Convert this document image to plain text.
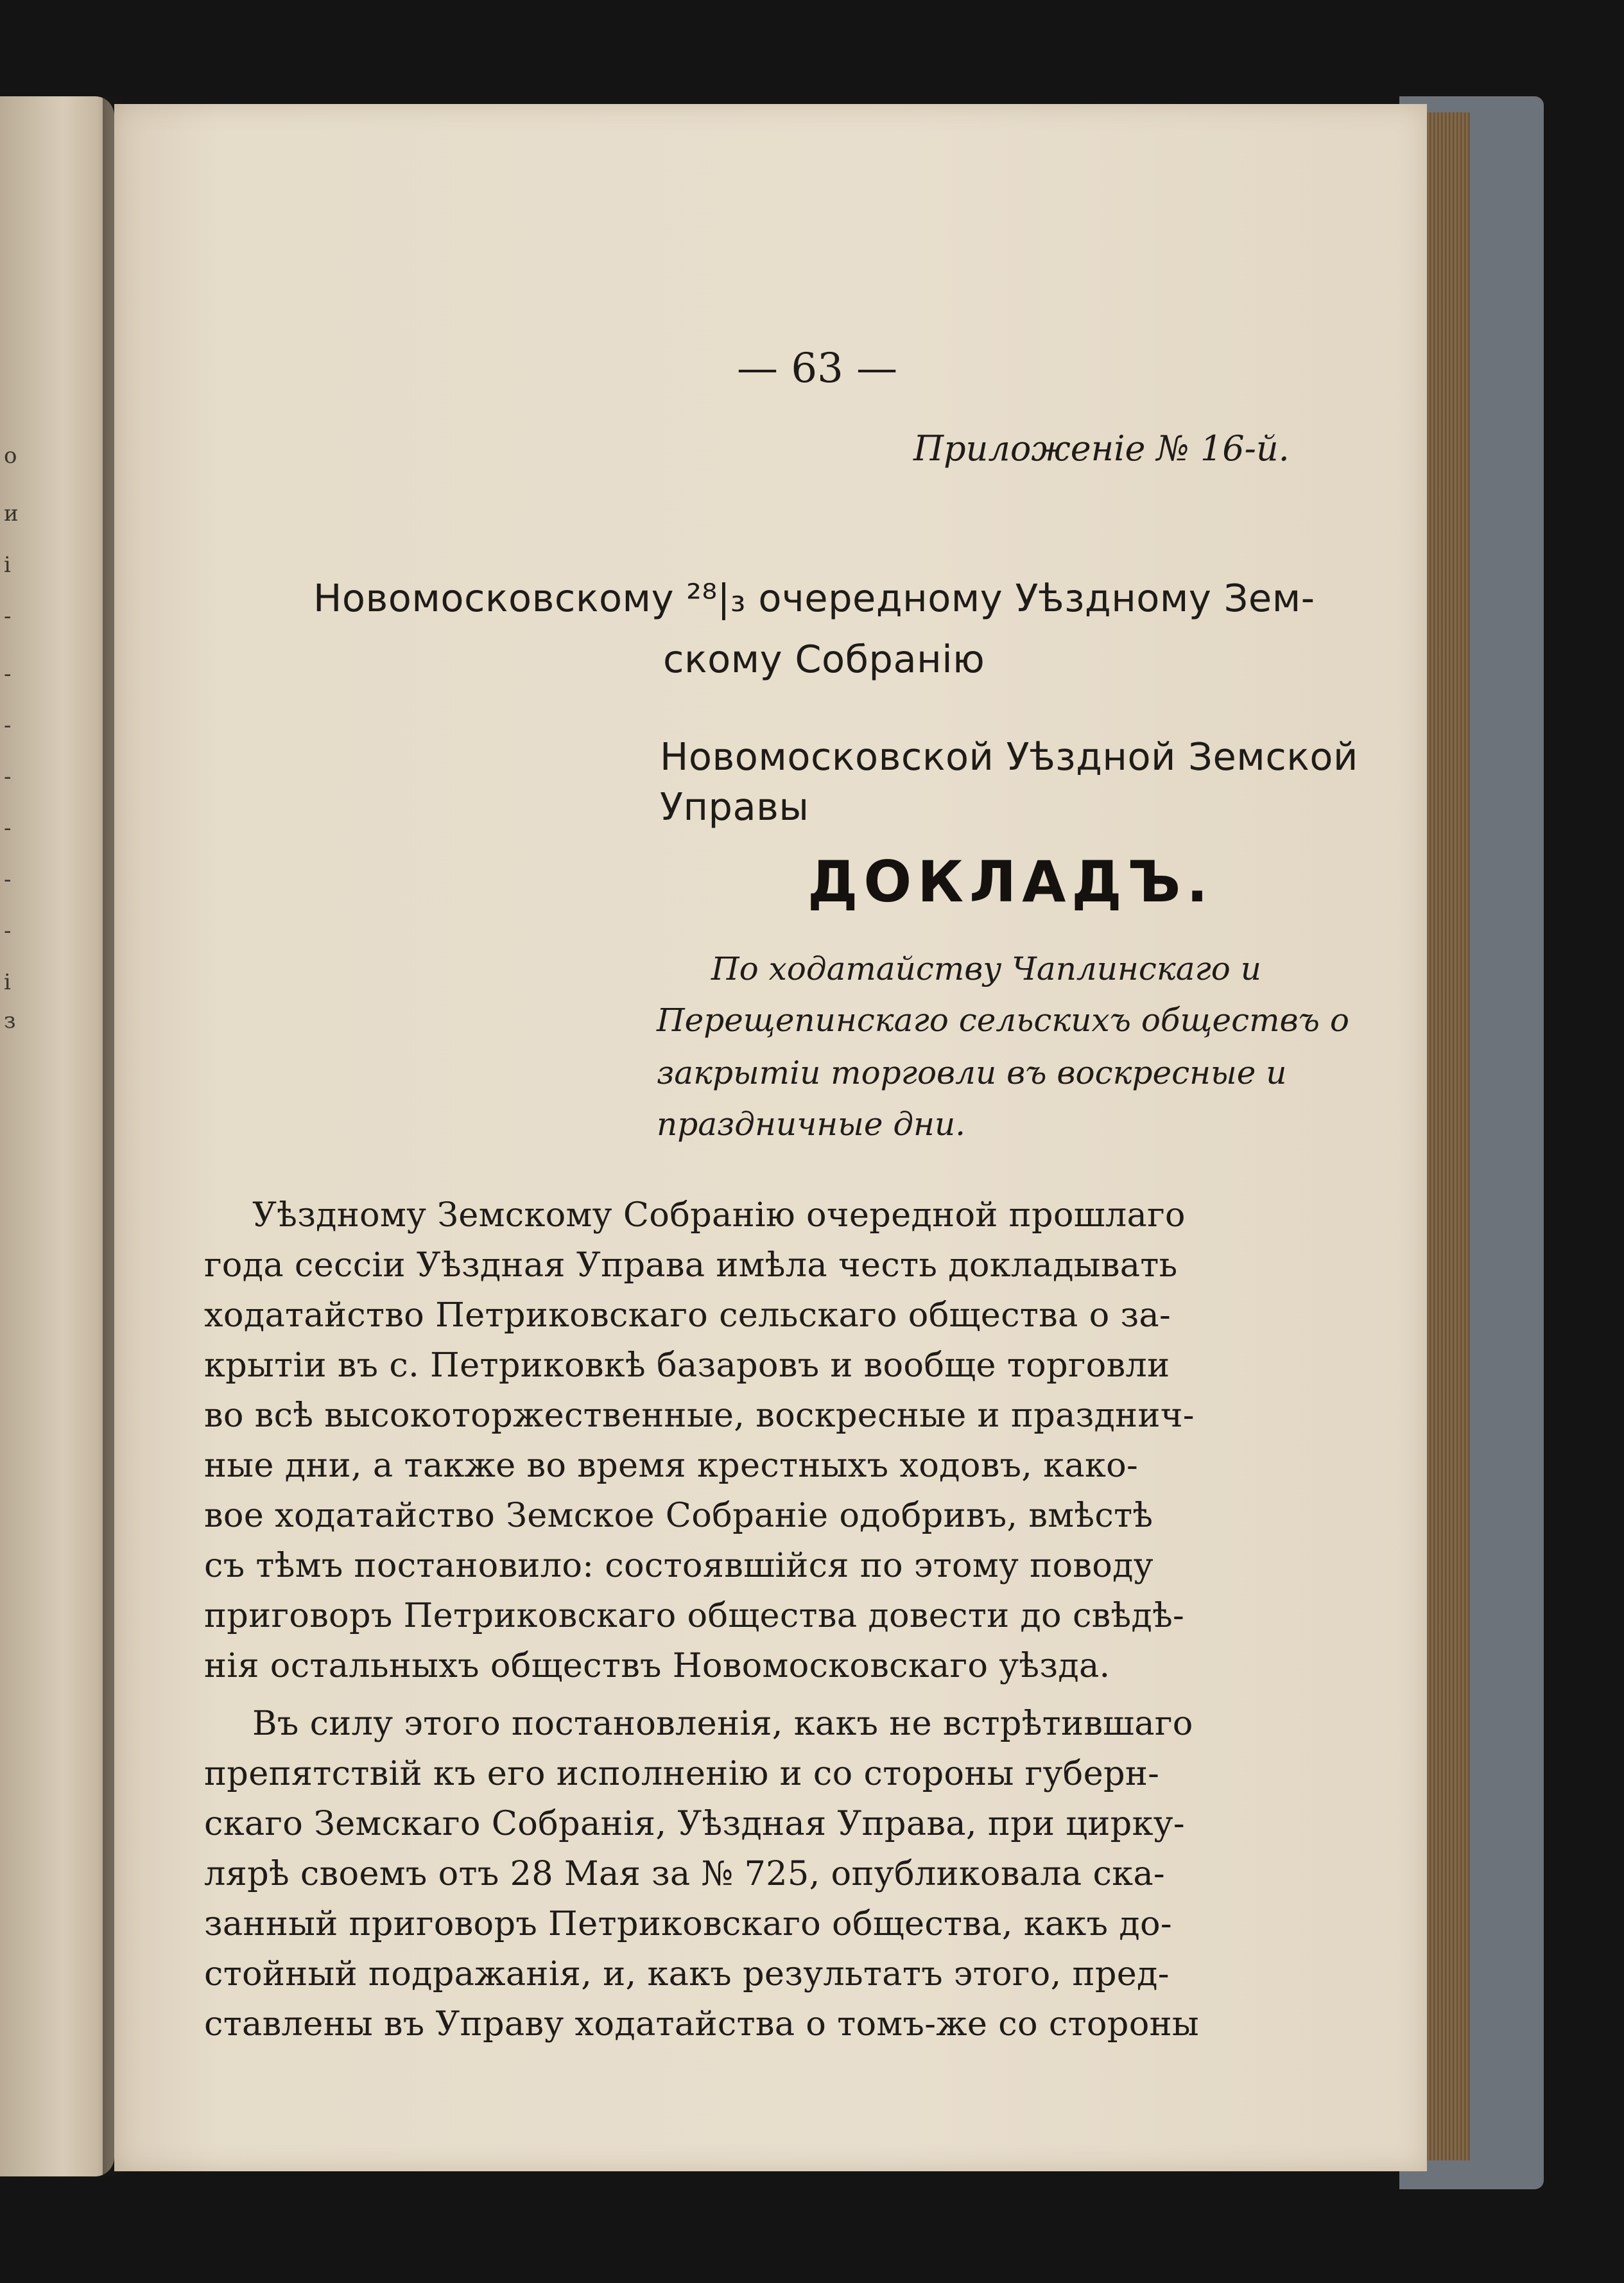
о
и
і
-
-
-
-
-
-
-
і
з

— 63 —
Приложеніе № 16-й.
Новомосковскому ²⁸|₃ очередному Уѣздному Зем-
скому Собранію
Новомосковской Уѣздной Земской
Управы
ДОКЛАДЪ.
По ходатайству Чаплинскаго и
Перещепинскаго сельскихъ обществъ о
закрытіи торговли въ воскресные и
праздничные дни.
Уѣздному Земскому Собранію очередной прошлаго
года сессіи Уѣздная Управа имѣла честь докладывать
ходатайство Петриковскаго сельскаго общества о за-
крытіи въ с. Петриковкѣ базаровъ и вообще торговли
во всѣ высокоторжественные, воскресные и празднич-
ные дни, а также во время крестныхъ ходовъ, како-
вое ходатайство Земское Собраніе одобривъ, вмѣстѣ
съ тѣмъ постановило: состоявшійся по этому поводу
приговоръ Петриковскаго общества довести до свѣдѣ-
нія остальныхъ обществъ Новомосковскаго уѣзда.
Въ силу этого постановленія, какъ не встрѣтившаго
препятствій къ его исполненію и со стороны губерн-
скаго Земскаго Собранія, Уѣздная Управа, при цирку-
лярѣ своемъ отъ 28 Мая за № 725, опубликовала ска-
занный приговоръ Петриковскаго общества, какъ до-
стойный подражанія, и, какъ результатъ этого, пред-
ставлены въ Управу ходатайства о томъ-же со стороны
